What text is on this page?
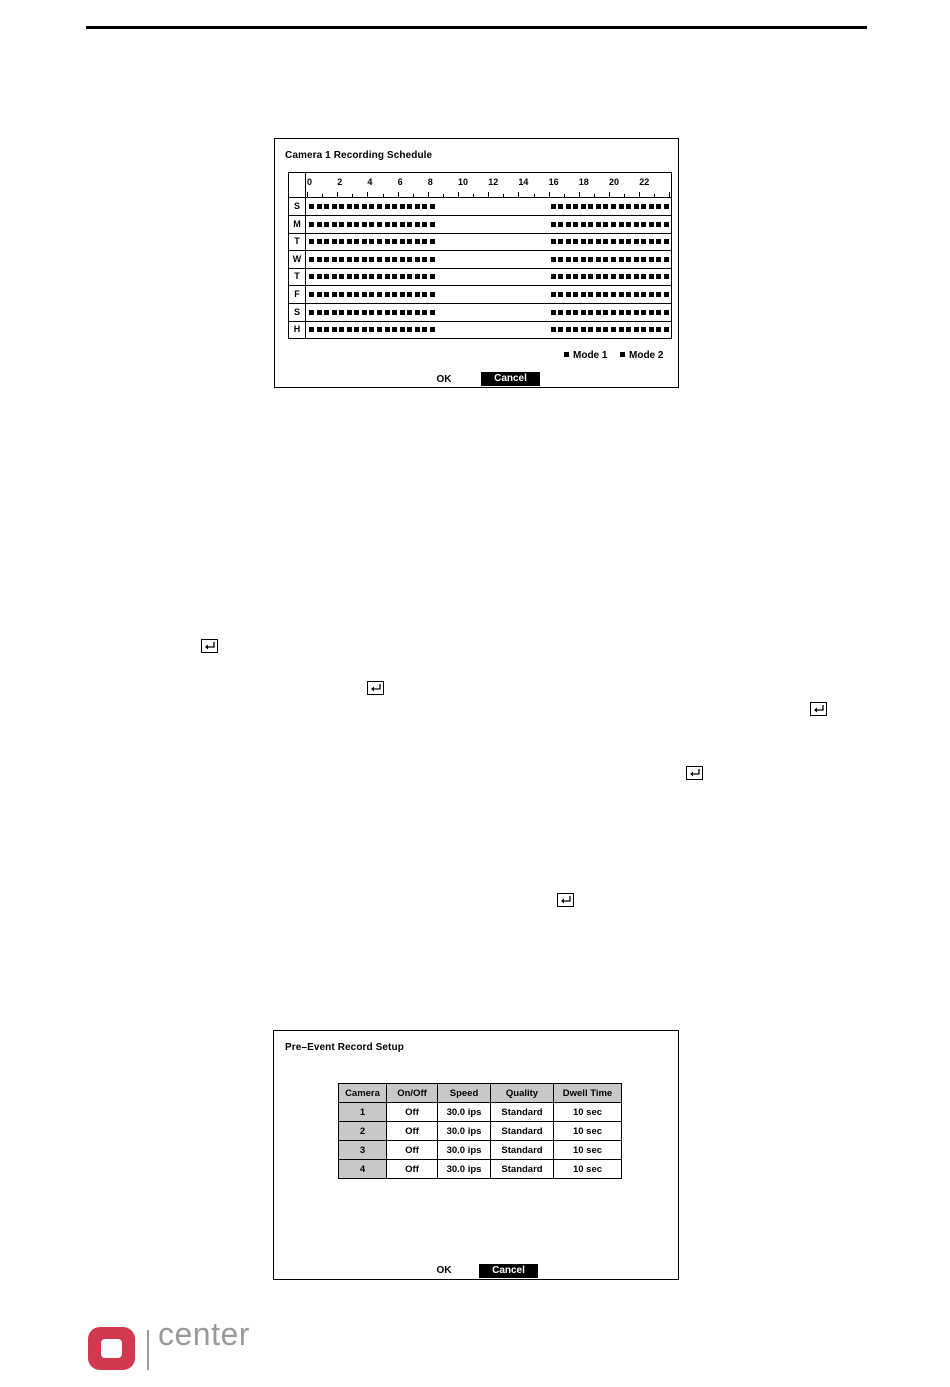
Camera 1 Recording Schedule
0	2	4	6	8	10 12 14 16 18 20 22
S
M
T
W
T
F
S
H
Mode 1	Mode 2
OK	Cancel
Pre–Event Record Setup
Camera	On/Off	Speed	Quality	Dwell Time
1	Off	30.0 ips	Standard	10 sec
2	Off	30.0 ips	Standard	10 sec
3	Off	30.0 ips	Standard	10 sec
4	Off	30.0 ips	Standard	10 sec
OK	Cancel
center
